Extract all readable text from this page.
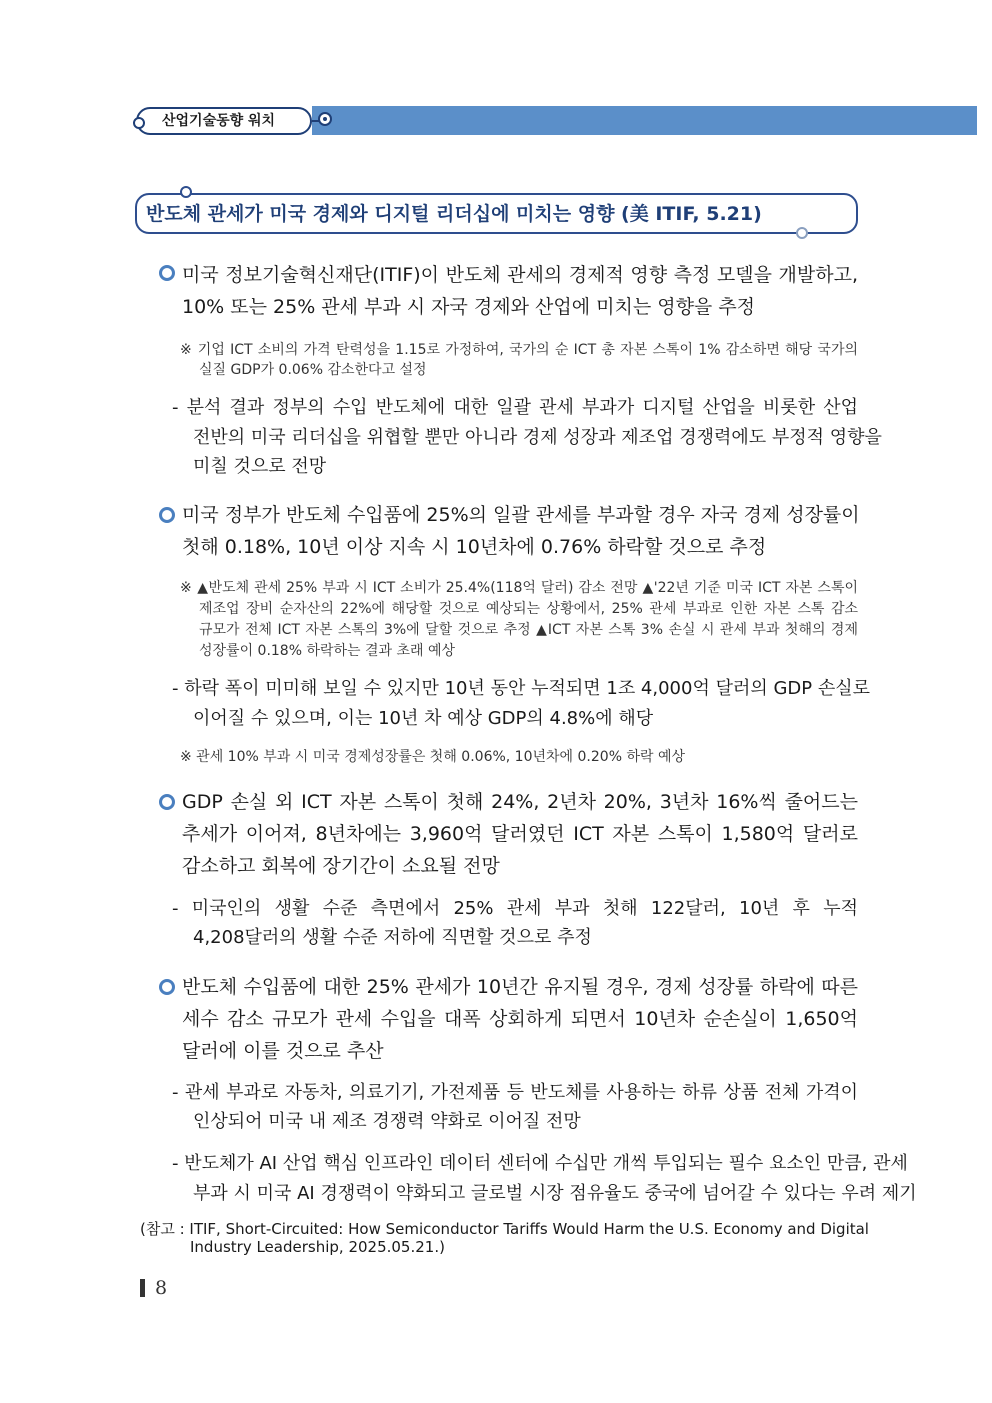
산업기술동향 워치
반도체 관세가 미국 경제와 디지털 리더십에 미치는 영향 (美 ITIF, 5.21)
미국 정보기술혁신재단(ITIF)이 반도체 관세의 경제적 영향 측정 모델을 개발하고,
10% 또는 25% 관세 부과 시 자국 경제와 산업에 미치는 영향을 추정
※ 기업 ICT 소비의 가격 탄력성을 1.15로 가정하여, 국가의 순 ICT 총 자본 스톡이 1% 감소하면 해당 국가의
실질 GDP가 0.06% 감소한다고 설정
- 분석 결과 정부의 수입 반도체에 대한 일괄 관세 부과가 디지털 산업을 비롯한 산업
전반의 미국 리더십을 위협할 뿐만 아니라 경제 성장과 제조업 경쟁력에도 부정적 영향을
미칠 것으로 전망
미국 정부가 반도체 수입품에 25%의 일괄 관세를 부과할 경우 자국 경제 성장률이
첫해 0.18%, 10년 이상 지속 시 10년차에 0.76% 하락할 것으로 추정
※ ▲반도체 관세 25% 부과 시 ICT 소비가 25.4%(118억 달러) 감소 전망 ▲'22년 기준 미국 ICT 자본 스톡이
제조업 장비 순자산의 22%에 해당할 것으로 예상되는 상황에서, 25% 관세 부과로 인한 자본 스톡 감소
규모가 전체 ICT 자본 스톡의 3%에 달할 것으로 추정 ▲ICT 자본 스톡 3% 손실 시 관세 부과 첫해의 경제
성장률이 0.18% 하락하는 결과 초래 예상
- 하락 폭이 미미해 보일 수 있지만 10년 동안 누적되면 1조 4,000억 달러의 GDP 손실로
이어질 수 있으며, 이는 10년 차 예상 GDP의 4.8%에 해당
※ 관세 10% 부과 시 미국 경제성장률은 첫해 0.06%, 10년차에 0.20% 하락 예상
GDP 손실 외 ICT 자본 스톡이 첫해 24%, 2년차 20%, 3년차 16%씩 줄어드는
추세가 이어져, 8년차에는 3,960억 달러였던 ICT 자본 스톡이 1,580억 달러로
감소하고 회복에 장기간이 소요될 전망
- 미국인의 생활 수준 측면에서 25% 관세 부과 첫해 122달러, 10년 후 누적
4,208달러의 생활 수준 저하에 직면할 것으로 추정
반도체 수입품에 대한 25% 관세가 10년간 유지될 경우, 경제 성장률 하락에 따른
세수 감소 규모가 관세 수입을 대폭 상회하게 되면서 10년차 순손실이 1,650억
달러에 이를 것으로 추산
- 관세 부과로 자동차, 의료기기, 가전제품 등 반도체를 사용하는 하류 상품 전체 가격이
인상되어 미국 내 제조 경쟁력 약화로 이어질 전망
- 반도체가 AI 산업 핵심 인프라인 데이터 센터에 수십만 개씩 투입되는 필수 요소인 만큼, 관세
부과 시 미국 AI 경쟁력이 약화되고 글로벌 시장 점유율도 중국에 넘어갈 수 있다는 우려 제기
(참고 : ITIF, Short-Circuited: How Semiconductor Tariffs Would Harm the U.S. Economy and Digital
Industry Leadership, 2025.05.21.)
8
